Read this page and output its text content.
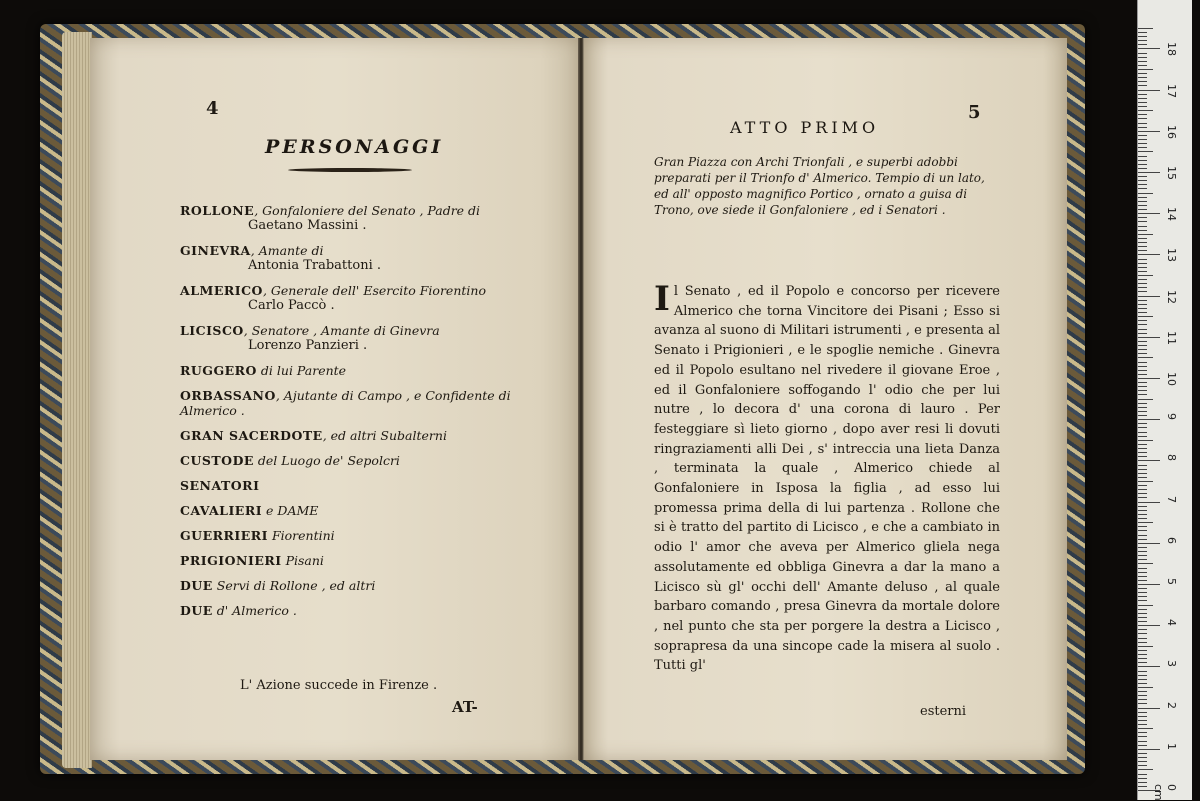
4
PERSONAGGI
ROLLONE, Gonfaloniere del Senato , Padre di
Gaetano Massini .
GINEVRA, Amante di
Antonia Trabattoni .
ALMERICO, Generale dell' Esercito Fiorentino
Carlo Paccò .
LICISCO, Senatore , Amante di Ginevra
Lorenzo Panzieri .
RUGGERO di lui Parente
ORBASSANO, Ajutante di Campo , e Confidente di Almerico .
GRAN SACERDOTE, ed altri Subalterni
CUSTODE del Luogo de' Sepolcri
SENATORI
CAVALIERI e DAME
GUERRIERI Fiorentini
PRIGIONIERI Pisani
DUE Servi di Rollone , ed altri
DUE d' Almerico .
L' Azione succede in Firenze .
AT-
5
ATTO PRIMO
Gran Piazza con Archi Trionfali , e superbi adobbi preparati per il Trionfo d' Almerico. Tempio di un lato, ed all' opposto magnifico Portico , ornato a guisa di Trono, ove siede il Gonfaloniere , ed i Senatori .
I l Senato , ed il Popolo e concorso per ricevere Almerico che torna Vincitore dei Pisani ; Esso si avanza al suono di Militari istrumenti , e presenta al Senato i Prigionieri , e le spoglie nemiche . Ginevra ed il Popolo esultano nel rivedere il giovane Eroe , ed il Gonfaloniere soffogando l' odio che per lui nutre , lo decora d' una corona di lauro . Per festeggiare sì lieto giorno , dopo aver resi li dovuti ringraziamenti alli Dei , s' intreccia una lieta Danza , terminata la quale , Almerico chiede al Gonfaloniere in Isposa la figlia , ad esso lui promessa prima della di lui partenza . Rollone che si è tratto del partito di Licisco , e che a cambiato in odio l' amor che aveva per Almerico gliela nega assolutamente ed obbliga Ginevra a dar la mano a Licisco sù gl' occhi dell' Amante deluso , al quale barbaro comando , presa Ginevra da mortale dolore , nel punto che sta per porgere la destra a Licisco , soprapresa da una sincope cade la misera al suolo . Tutti gl'
esterni
0 cm
1
2
3
4
5
6
7
8
9
10
11
12
13
14
15
16
17
18
